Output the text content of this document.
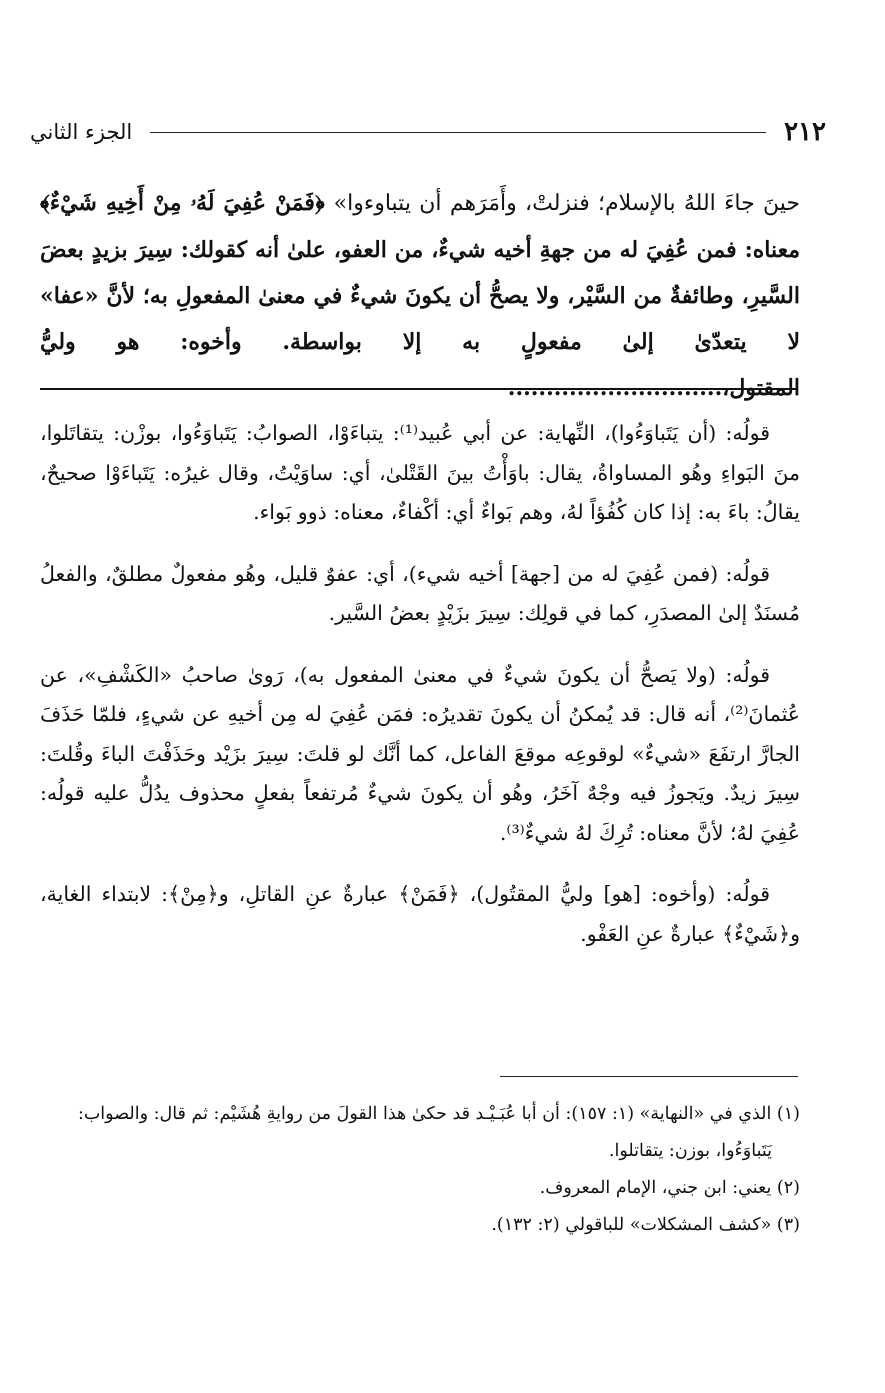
الجزء الثاني	٢١٢
حينَ جاءَ اللهُ بالإسلام؛ فنزلتْ، وأَمَرَهم أن يتباوءوا» ﴿فَمَنْ عُفِيَ لَهُۥ مِنْ أَخِيهِ شَيْءٌ﴾ معناه: فمن عُفِيَ له من جهةِ أخيه شيءٌ، من العفو، علىٰ أنه كقولك: سِيرَ بزيدٍ بعضَ السَّيرِ، وطائفةٌ من السَّيْر، ولا يصحُّ أن يكونَ شيءٌ في معنىٰ المفعولِ به؛ لأنَّ «عفا» لا يتعدّىٰ إلىٰ مفعولٍ به إلا بواسطة. وأخوه: هو وليُّ المقتول،............................

قولُه: (أن يَتَباوَءُوا)، النِّهاية: عن أبي عُبيد⁽¹⁾: يتباءَوْا، الصوابُ: يَتَباوَءُوا، بوزْن: يتقاتَلوا، منَ البَواءِ وهُو المساواةُ، يقال: باوَأْتُ بينَ القَتْلىٰ، أي: ساوَيْتُ، وقال غيرُه: يَتَباءَوْا صحيحٌ، يقالُ: باءَ به: إذا كان كُفُؤاً لهُ، وهم بَواءٌ أي: أكْفاءٌ، معناه: ذوو بَواء.

قولُه: (فمن عُفِيَ له من [جهة] أخيه شيء)، أي: عفوٌ قليل، وهُو مفعولٌ مطلقٌ، والفعلُ مُسنَدٌ إلىٰ المصدَرِ، كما في قولِك: سِيرَ بزَيْدٍ بعضُ السَّير.

قولُه: (ولا يَصحُّ أن يكونَ شيءٌ في معنىٰ المفعول به)، رَوىٰ صاحبُ «الكَشْفِ»، عن عُثمانَ⁽²⁾، أنه قال: قد يُمكنُ أن يكونَ تقديرُه: فمَن عُفِيَ له مِن أخيهِ عن شيءٍ، فلمّا حَذَفَ الجارَّ ارتفَعَ «شيءٌ» لوقوعِه موقعَ الفاعل، كما أنَّك لو قلتَ: سِيرَ بزَيْد وحَذَفْتَ الباءَ وقُلتَ: سِيرَ زيدٌ. ويَجوزُ فيه وجْهٌ آخَرُ، وهُو أن يكونَ شيءٌ مُرتفعاً بفعلٍ محذوف يدُلُّ عليه قولُه: عُفِيَ لهُ؛ لأنَّ معناه: تُرِكَ لهُ شيءٌ⁽³⁾.

قولُه: (وأخوه: [هو] وليُّ المقتُول)، ﴿فَمَنْ﴾ عبارةٌ عنِ القاتلِ، و﴿مِنْ﴾: لابتداء الغاية، و﴿شَيْءٌ﴾ عبارةٌ عنِ العَفْو.

(١) الذي في «النهاية» (١: ١٥٧): أن أبا عُبَـيْـد قد حكىٰ هذا القولَ من روايةِ هُشَيْم: ثم قال: والصواب:

يَتَباوَءُوا، بوزن: يتقاتلوا.

(٢) يعني: ابن جني، الإمام المعروف.

(٣) «كشف المشكلات» للباقولي (٢: ١٣٢).
